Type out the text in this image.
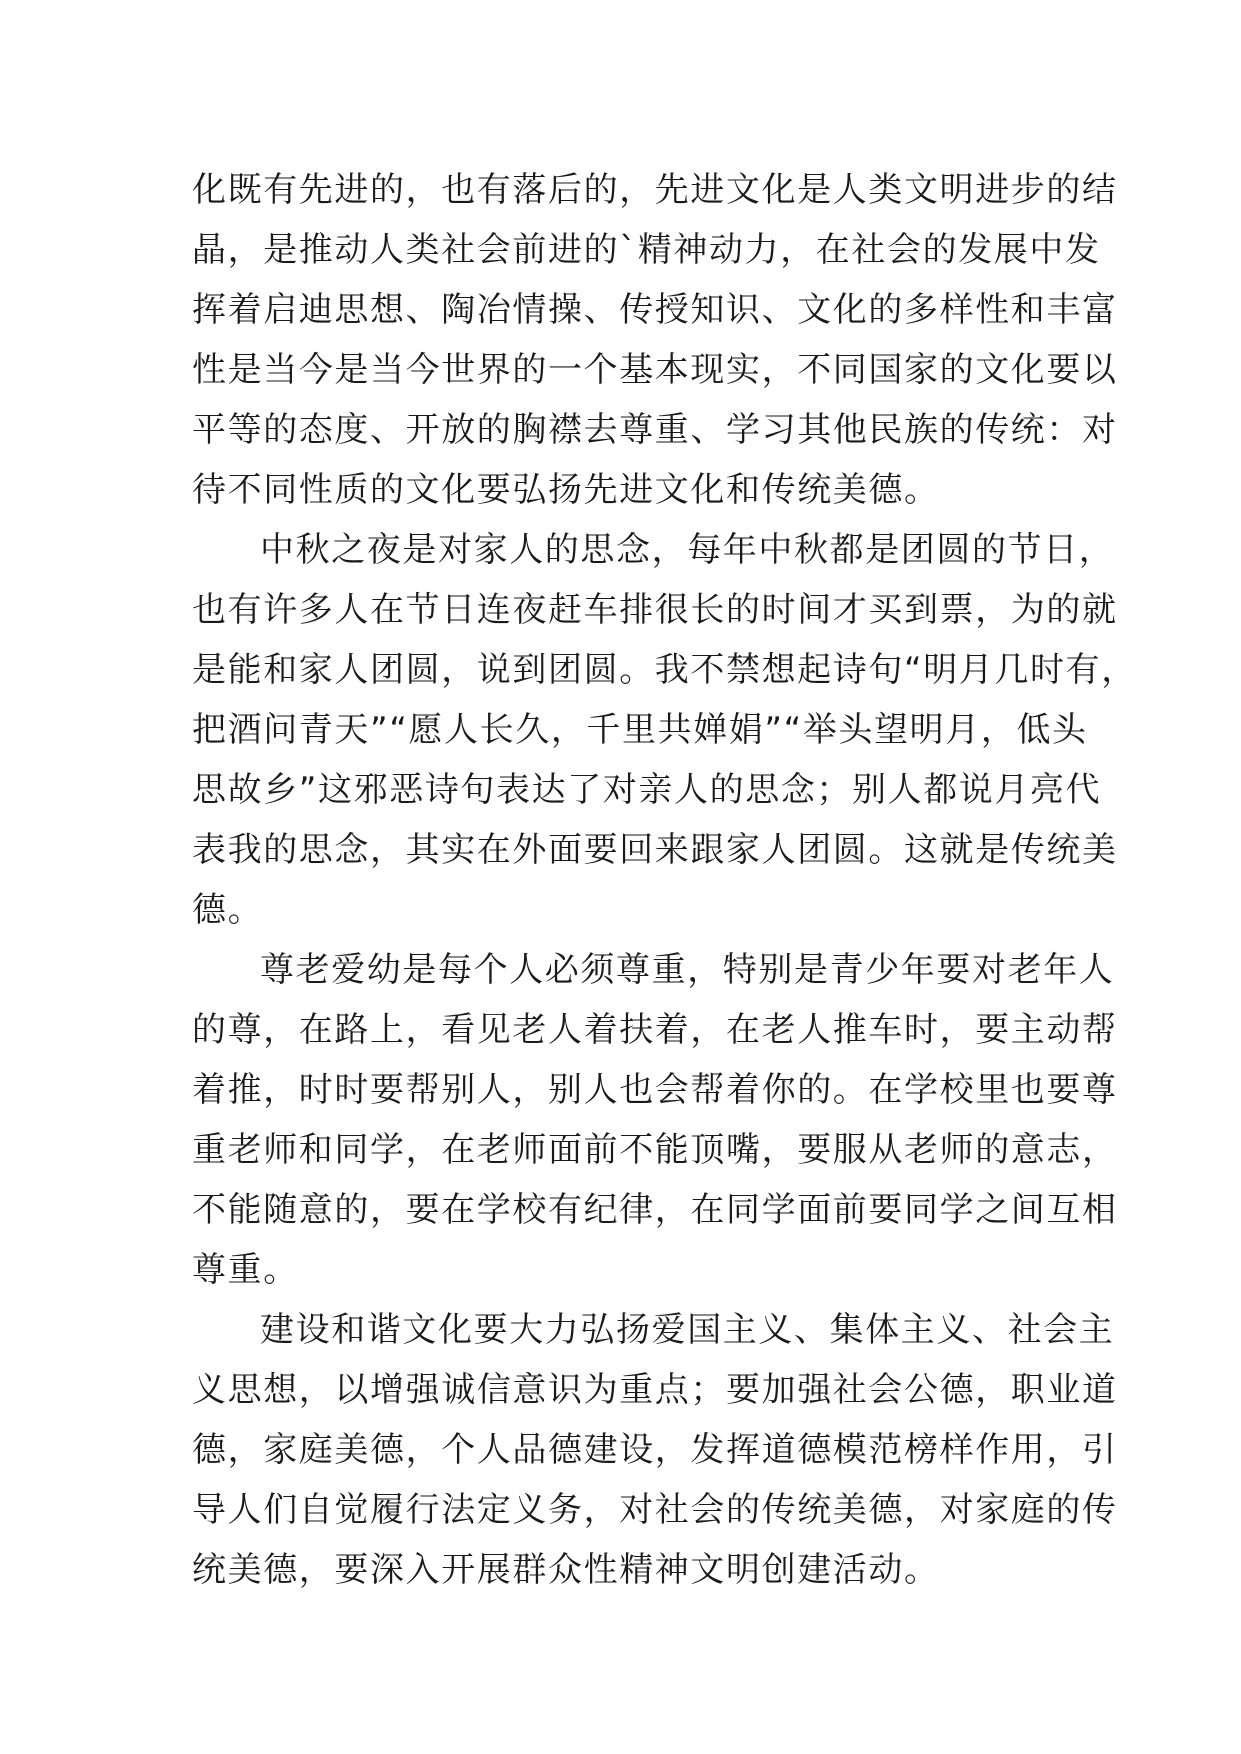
化既有先进的，也有落后的，先进文化是人类文明进步的结
晶，是推动人类社会前进的`精神动力，在社会的发展中发
挥着启迪思想、陶冶情操、传授知识、文化的多样性和丰富
性是当今是当今世界的一个基本现实，不同国家的文化要以
平等的态度、开放的胸襟去尊重、学习其他民族的传统：对
待不同性质的文化要弘扬先进文化和传统美德。
中秋之夜是对家人的思念，每年中秋都是团圆的节日，
也有许多人在节日连夜赶车排很长的时间才买到票，为的就
是能和家人团圆，说到团圆。我不禁想起诗句“明月几时有，
把酒问青天”“愿人长久，千里共婵娟”“举头望明月，低头
思故乡”这邪恶诗句表达了对亲人的思念；别人都说月亮代
表我的思念，其实在外面要回来跟家人团圆。这就是传统美
德。
尊老爱幼是每个人必须尊重，特别是青少年要对老年人
的尊，在路上，看见老人着扶着，在老人推车时，要主动帮
着推，时时要帮别人，别人也会帮着你的。在学校里也要尊
重老师和同学，在老师面前不能顶嘴，要服从老师的意志，
不能随意的，要在学校有纪律，在同学面前要同学之间互相
尊重。
建设和谐文化要大力弘扬爱国主义、集体主义、社会主
义思想，以增强诚信意识为重点；要加强社会公德，职业道
德，家庭美德，个人品德建设，发挥道德模范榜样作用，引
导人们自觉履行法定义务，对社会的传统美德，对家庭的传
统美德，要深入开展群众性精神文明创建活动。
